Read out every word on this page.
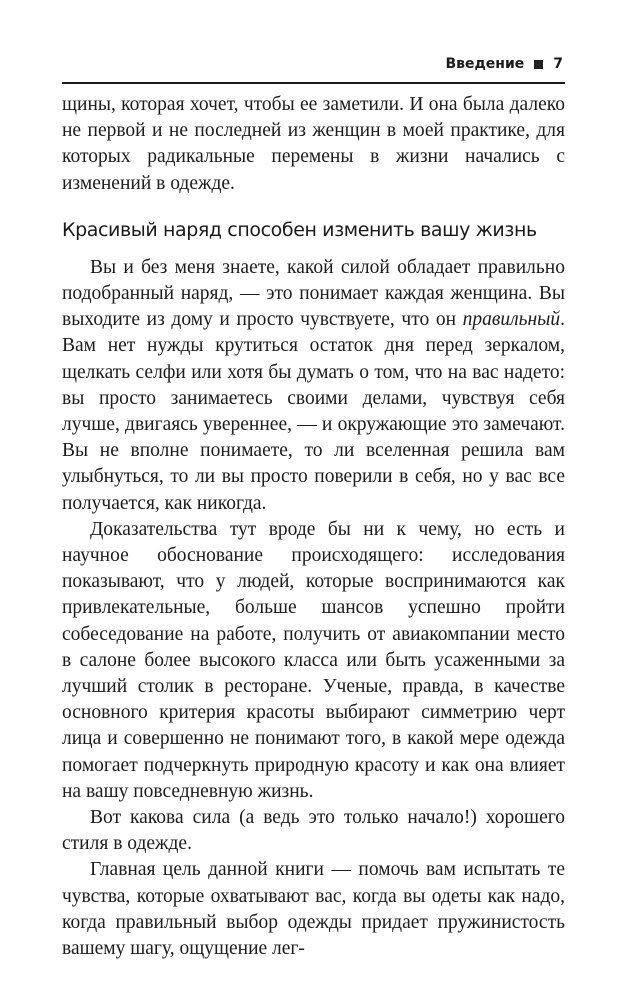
Введение 7

щины, которая хочет, чтобы ее заметили. И она была далеко не первой и не последней из женщин в моей практике, для которых радикальные перемены в жизни начались с изменений в одежде.

Красивый наряд способен изменить вашу жизнь

Вы и без меня знаете, какой силой обладает правильно подобранный наряд, — это понимает каждая женщина. Вы выходите из дому и просто чувствуете, что он правильный. Вам нет нужды крутиться остаток дня перед зеркалом, щелкать селфи или хотя бы думать о том, что на вас надето: вы просто занимаетесь своими делами, чувствуя себя лучше, двигаясь увереннее, — и окружающие это замечают. Вы не вполне понимаете, то ли вселенная решила вам улыбнуться, то ли вы просто поверили в себя, но у вас все получается, как никогда.

Доказательства тут вроде бы ни к чему, но есть и научное обоснование происходящего: исследования показывают, что у людей, которые воспринимаются как привлекательные, больше шансов успешно пройти собеседование на работе, получить от авиакомпании место в салоне более высокого класса или быть усаженными за лучший столик в ресторане. Ученые, правда, в качестве основного критерия красоты выбирают симметрию черт лица и совершенно не понимают того, в какой мере одежда помогает подчеркнуть природную красоту и как она влияет на вашу повседневную жизнь.

Вот какова сила (а ведь это только начало!) хорошего стиля в одежде.

Главная цель данной книги — помочь вам испытать те чувства, которые охватывают вас, когда вы одеты как надо, когда правильный выбор одежды придает пружинистость вашему шагу, ощущение лег-
